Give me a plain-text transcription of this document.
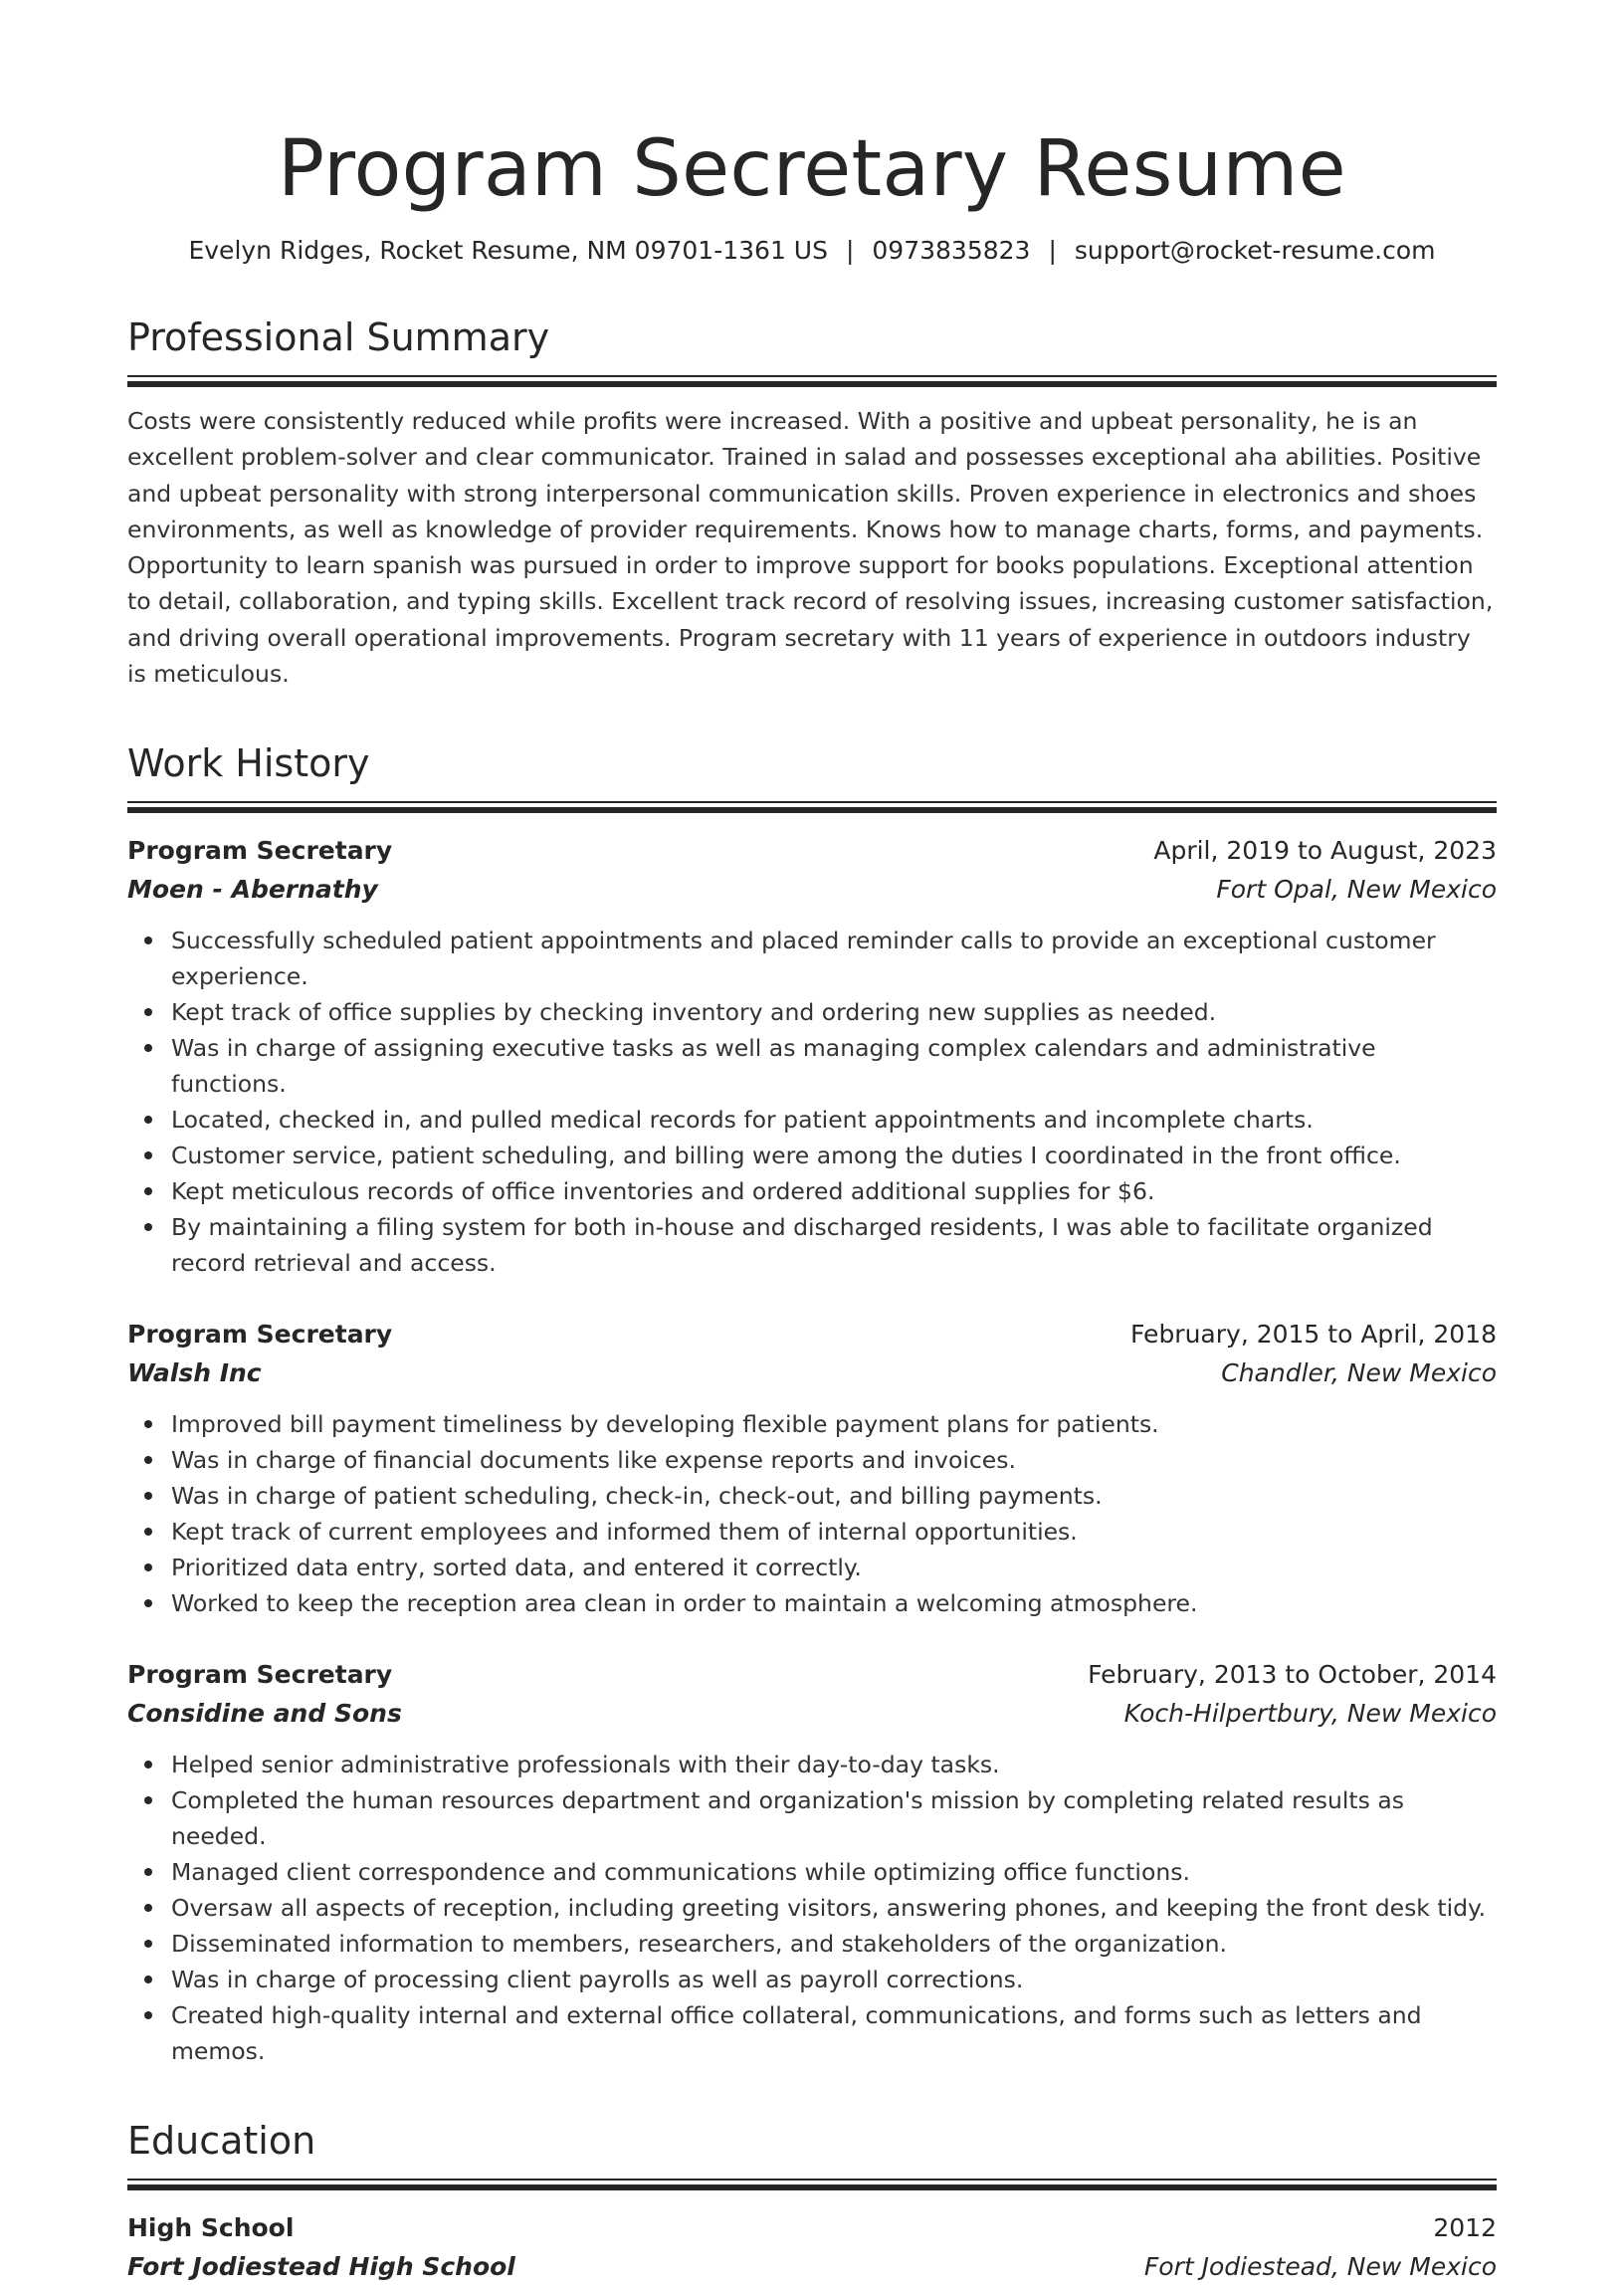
Program Secretary Resume
Evelyn Ridges, Rocket Resume, NM 09701-1361 US | 0973835823 | support@rocket-resume.com
Professional Summary

Costs were consistently reduced while profits were increased. With a positive and upbeat personality, he is an excellent problem-solver and clear communicator. Trained in salad and possesses exceptional aha abilities. Positive and upbeat personality with strong interpersonal communication skills. Proven experience in electronics and shoes environments, as well as knowledge of provider requirements. Knows how to manage charts, forms, and payments. Opportunity to learn spanish was pursued in order to improve support for books populations. Exceptional attention to detail, collaboration, and typing skills. Excellent track record of resolving issues, increasing customer satisfaction, and driving overall operational improvements. Program secretary with 11 years of experience in outdoors industry is meticulous.

Work History
Program Secretary	April, 2019 to August, 2023
Moen - Abernathy	Fort Opal, New Mexico
Successfully scheduled patient appointments and placed reminder calls to provide an exceptional customer experience.
Kept track of office supplies by checking inventory and ordering new supplies as needed.
Was in charge of assigning executive tasks as well as managing complex calendars and administrative functions.
Located, checked in, and pulled medical records for patient appointments and incomplete charts.
Customer service, patient scheduling, and billing were among the duties I coordinated in the front office.
Kept meticulous records of office inventories and ordered additional supplies for $6.
By maintaining a filing system for both in-house and discharged residents, I was able to facilitate organized record retrieval and access.
Program Secretary	February, 2015 to April, 2018
Walsh Inc	Chandler, New Mexico
Improved bill payment timeliness by developing flexible payment plans for patients.
Was in charge of financial documents like expense reports and invoices.
Was in charge of patient scheduling, check-in, check-out, and billing payments.
Kept track of current employees and informed them of internal opportunities.
Prioritized data entry, sorted data, and entered it correctly.
Worked to keep the reception area clean in order to maintain a welcoming atmosphere.
Program Secretary	February, 2013 to October, 2014
Considine and Sons	Koch-Hilpertbury, New Mexico
Helped senior administrative professionals with their day-to-day tasks.
Completed the human resources department and organization's mission by completing related results as needed.
Managed client correspondence and communications while optimizing office functions.
Oversaw all aspects of reception, including greeting visitors, answering phones, and keeping the front desk tidy.
Disseminated information to members, researchers, and stakeholders of the organization.
Was in charge of processing client payrolls as well as payroll corrections.
Created high-quality internal and external office collateral, communications, and forms such as letters and memos.
Education
High School	2012
Fort Jodiestead High School	Fort Jodiestead, New Mexico
